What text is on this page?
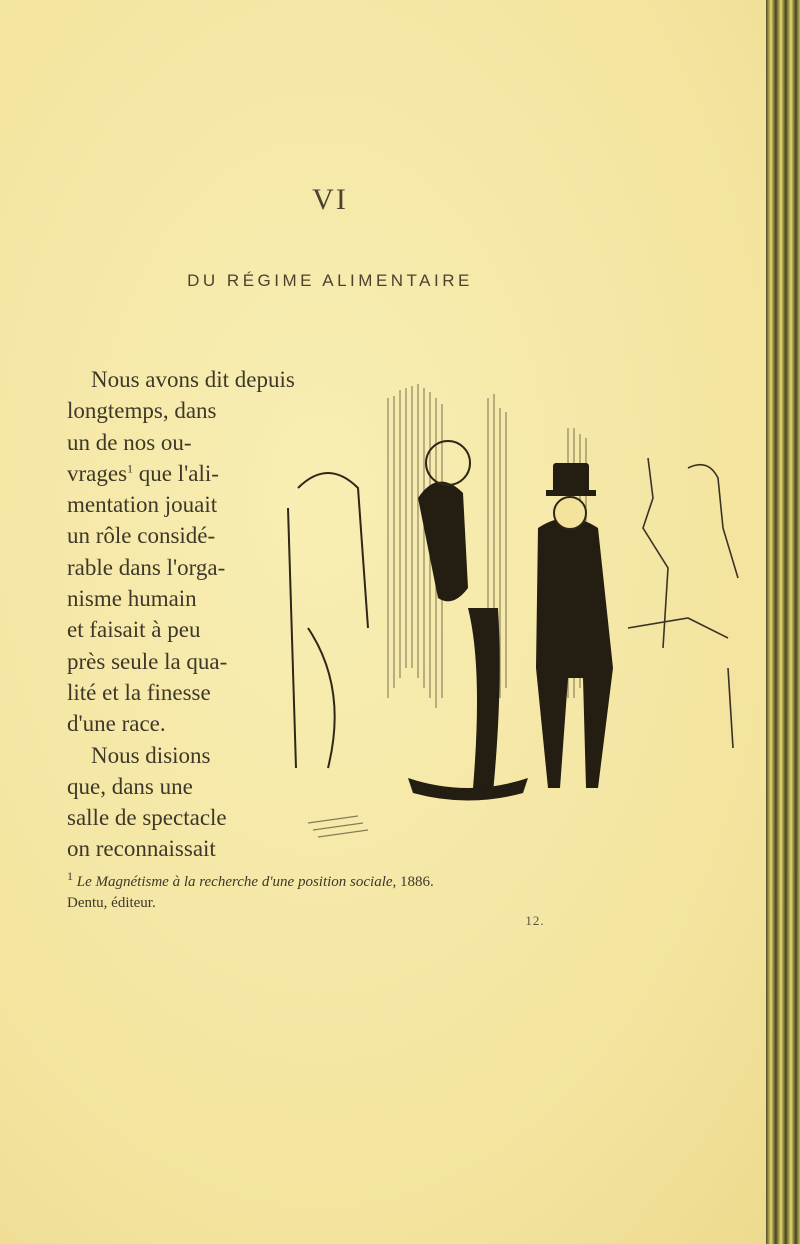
VI
DU RÉGIME ALIMENTAIRE
Nous avons dit depuis
longtemps, dans
un de nos ou-
vrages$^1$ que l'ali-
mentation jouait
un rôle considé-
rable dans l'orga-
nisme humain
et faisait à peu
près seule la qua-
lité et la finesse
d'une race.
Nous disions
que, dans une
salle de spectacle
on reconnaissait
$^1$ Le Magnétisme à la recherche d'une position sociale, 1886.
Dentu, éditeur.
12.
